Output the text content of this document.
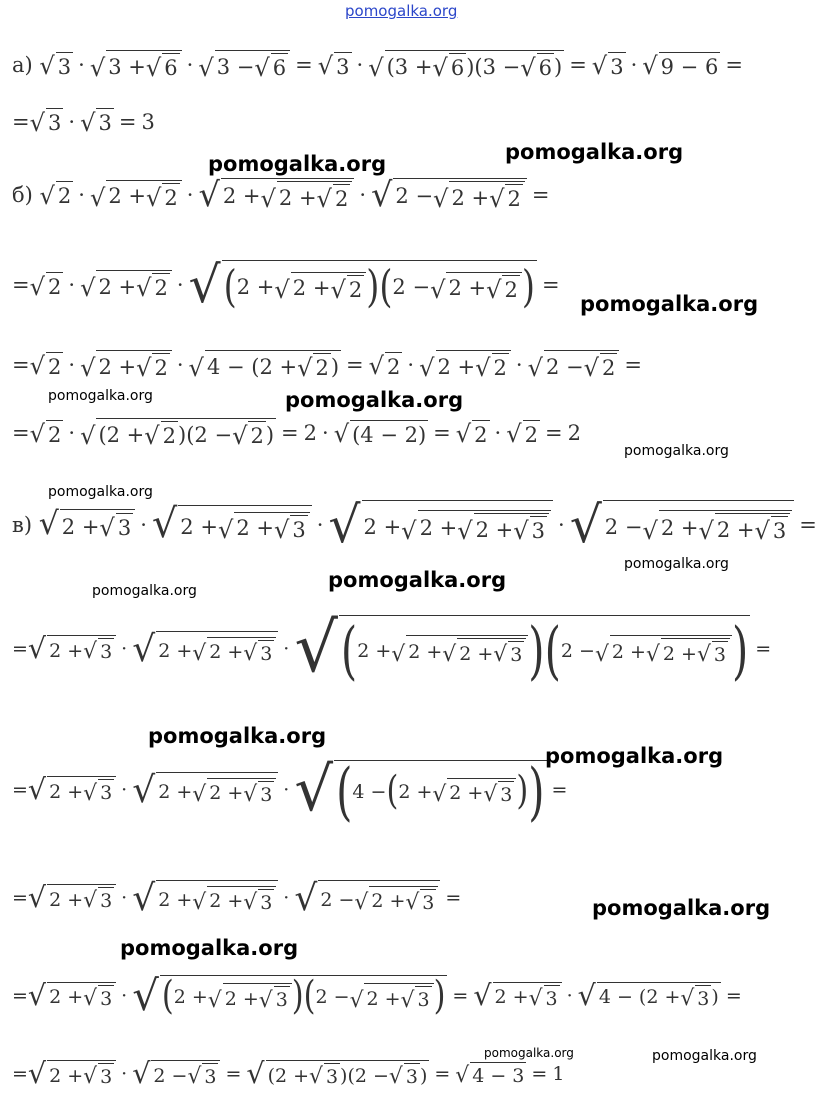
pomogalka.org
а)
√ 3 · √ 3 + √ 6 · √ 3 − √ 6 = √ 3 · √ (3 + √ 6 )(3 − √ 6 ) = √ 3 · √ 9 − 6 =
= √ 3 · √ 3 = 3
б)
√ 2 · √ 2 + √ 2 · √ 2 + √ 2 + √ 2 · √ 2 − √ 2 + √ 2 =
= √ 2 · √ 2 + √ 2 · √ ( 2 + √ 2 + √ 2 ) ( 2 − √ 2 + √ 2 ) =
= √ 2 · √ 2 + √ 2 · √ 4 − (2 + √ 2 ) = √ 2 · √ 2 + √ 2 · √ 2 − √ 2 =
= √ 2 · √ (2 + √ 2 )(2 − √ 2 ) = 2 · √ (4 − 2) = √ 2 · √ 2 = 2
в)
√ 2 + √ 3 · √ 2 + √ 2 + √ 3 · √ 2 + √ 2 + √ 2 + √ 3 · √ 2 − √ 2 + √ 2 + √ 3 =
= √ 2 + √ 3 · √ 2 + √ 2 + √ 3 · √ ( 2 + √ 2 + √ 2 + √ 3 ) ( 2 − √ 2 + √ 2 + √ 3 ) =
= √ 2 + √ 3 · √ 2 + √ 2 + √ 3 · √ ( 4 − ( 2 + √ 2 + √ 3 ) ) =
= √ 2 + √ 3 · √ 2 + √ 2 + √ 3 · √ 2 − √ 2 + √ 3 =
= √ 2 + √ 3 · √ ( 2 + √ 2 + √ 3 ) ( 2 − √ 2 + √ 3 ) = √ 2 + √ 3 · √ 4 − (2 + √ 3 ) =
= √ 2 + √ 3 · √ 2 − √ 3 = √ (2 + √ 3 )(2 − √ 3 ) = √ 4 − 3 = 1
pomogalka.org	pomogalka.org
pomogalka.org
pomogalka.org	pomogalka.org
pomogalka.org
pomogalka.org
pomogalka.org
pomogalka.org
pomogalka.org
pomogalka.org
pomogalka.org
pomogalka.org
pomogalka.org
pomogalka.org	pomogalka.org
